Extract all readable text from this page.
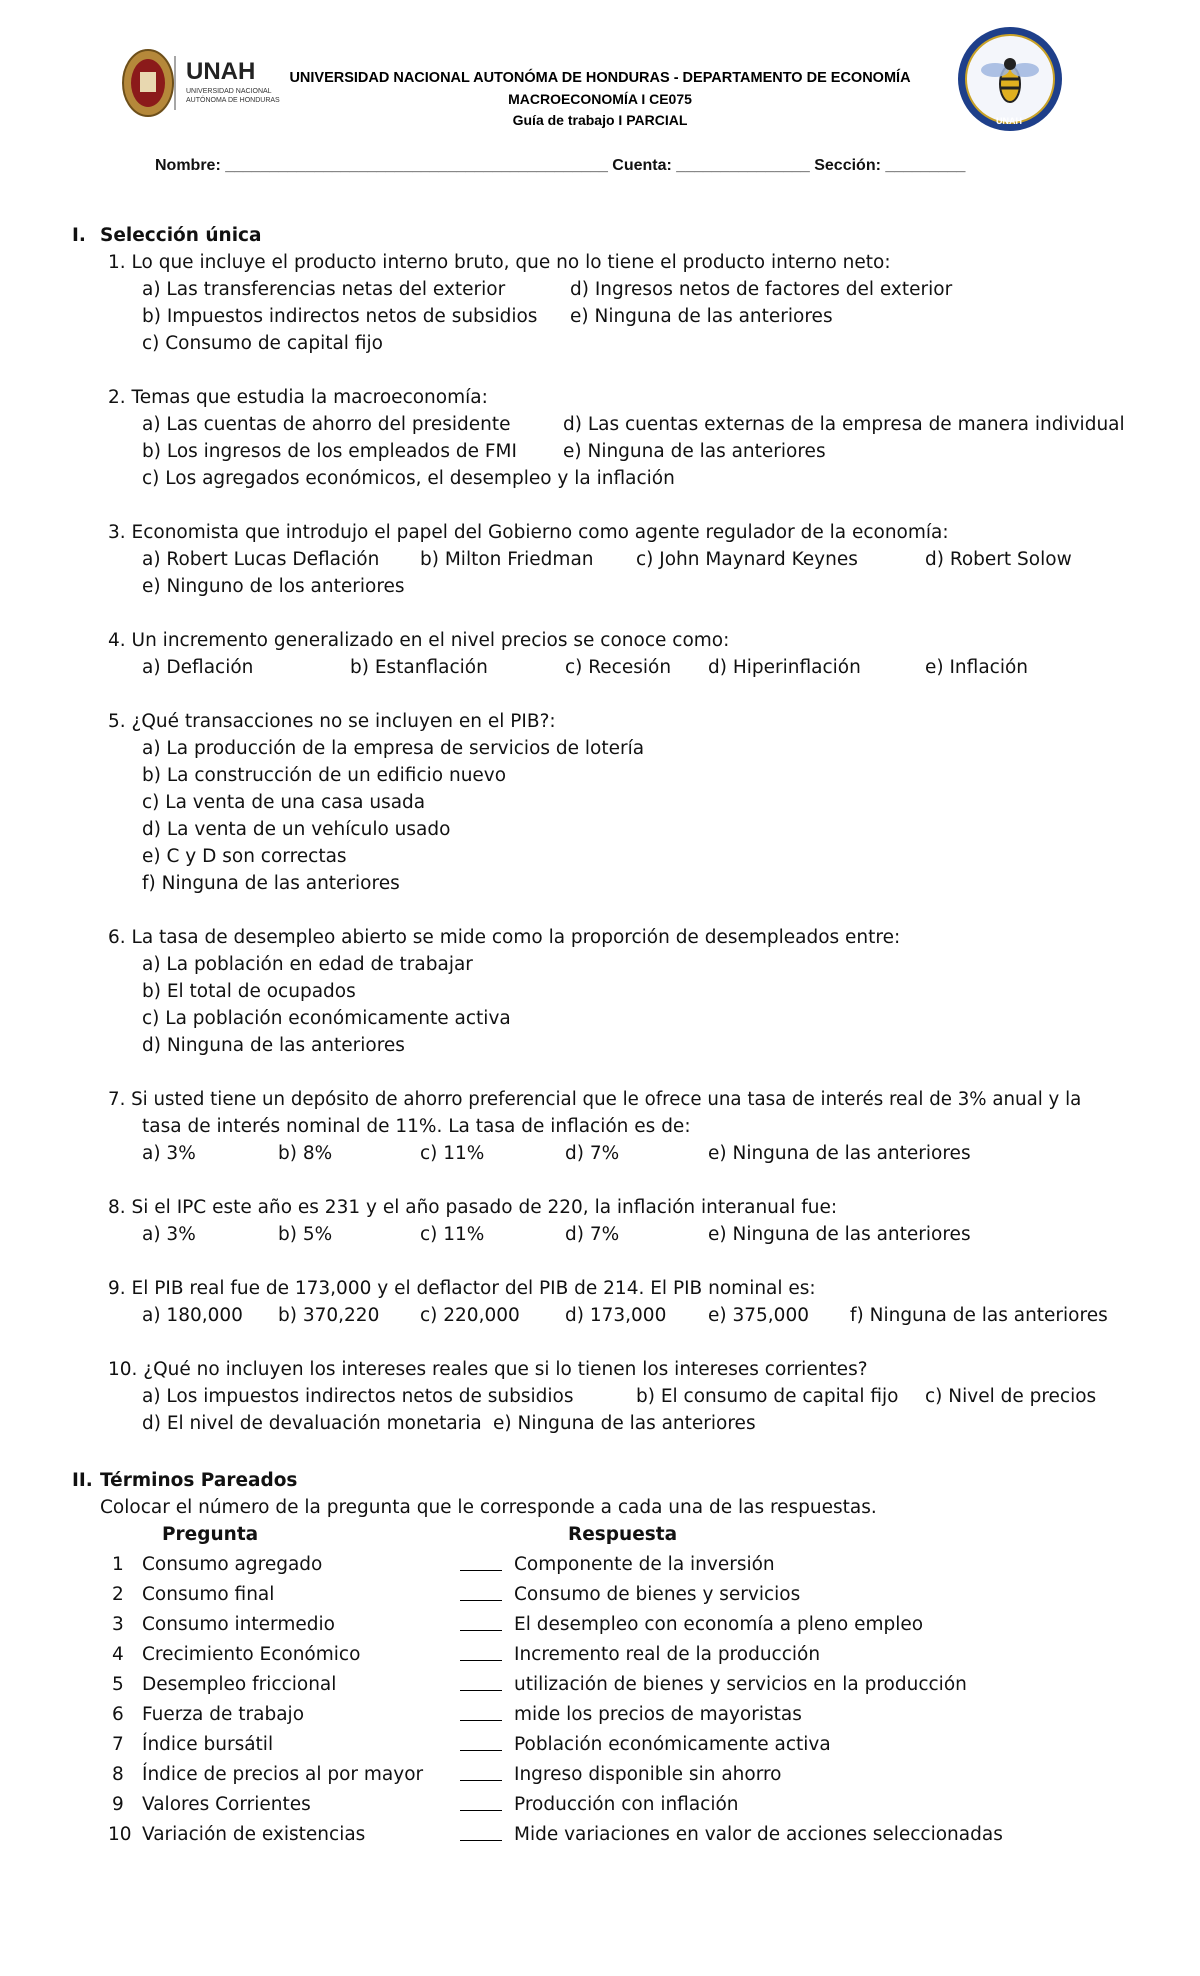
UNAH
UNIVERSIDAD NACIONAL
AUTÓNOMA DE HONDURAS
UNIVERSIDAD NACIONAL AUTONÓMA DE HONDURAS - DEPARTAMENTO DE ECONOMÍA
MACROECONOMÍA I CE075
Guía de trabajo I PARCIAL	UNAH
Nombre: ___________________________________________ Cuenta: _______________ Sección: _________
I. Selección única
1. Lo que incluye el producto interno bruto, que no lo tiene el producto interno neto:
a) Las transferencias netas del exterior	d) Ingresos netos de factores del exterior
b) Impuestos indirectos netos de subsidios e) Ninguna de las anteriores
c) Consumo de capital fijo
2. Temas que estudia la macroeconomía:
a) Las cuentas de ahorro del presidente	d) Las cuentas externas de la empresa de manera individual
b) Los ingresos de los empleados de FMI e) Ninguna de las anteriores
c) Los agregados económicos, el desempleo y la inflación
3. Economista que introdujo el papel del Gobierno como agente regulador de la economía:
a) Robert Lucas Deflación b) Milton Friedman c) John Maynard Keynes	d) Robert Solow
e) Ninguno de los anteriores
4. Un incremento generalizado en el nivel precios se conoce como:
a) Deflación	b) Estanflación	c) Recesión d) Hiperinflación	e) Inflación
5. ¿Qué transacciones no se incluyen en el PIB?:
a) La producción de la empresa de servicios de lotería
b) La construcción de un edificio nuevo
c) La venta de una casa usada
d) La venta de un vehículo usado
e) C y D son correctas
f) Ninguna de las anteriores
6. La tasa de desempleo abierto se mide como la proporción de desempleados entre:
a) La población en edad de trabajar
b) El total de ocupados
c) La población económicamente activa
d) Ninguna de las anteriores
7. Si usted tiene un depósito de ahorro preferencial que le ofrece una tasa de interés real de 3% anual y la
tasa de interés nominal de 11%. La tasa de inflación es de:
a) 3%	b) 8%	c) 11%	d) 7%	e) Ninguna de las anteriores
8. Si el IPC este año es 231 y el año pasado de 220, la inflación interanual fue:
a) 3%	b) 5%	c) 11%	d) 7%	e) Ninguna de las anteriores
9. El PIB real fue de 173,000 y el deflactor del PIB de 214. El PIB nominal es:
a) 180,000 b) 370,220 c) 220,000 d) 173,000 e) 375,000 f) Ninguna de las anteriores
10. ¿Qué no incluyen los intereses reales que si lo tienen los intereses corrientes?
a) Los impuestos indirectos netos de subsidios	b) El consumo de capital fijo c) Nivel de precios
d) El nivel de devaluación monetaria e) Ninguna de las anteriores
II. Términos Pareados
Colocar el número de la pregunta que le corresponde a cada una de las respuestas.
Pregunta	Respuesta
1 Consumo agregado	Componente de la inversión
2 Consumo final	Consumo de bienes y servicios
3 Consumo intermedio	El desempleo con economía a pleno empleo
4 Crecimiento Económico	Incremento real de la producción
5 Desempleo friccional	utilización de bienes y servicios en la producción
6 Fuerza de trabajo	mide los precios de mayoristas
7 Índice bursátil	Población económicamente activa
8 Índice de precios al por mayor	Ingreso disponible sin ahorro
9 Valores Corrientes	Producción con inflación
10 Variación de existencias	Mide variaciones en valor de acciones seleccionadas
